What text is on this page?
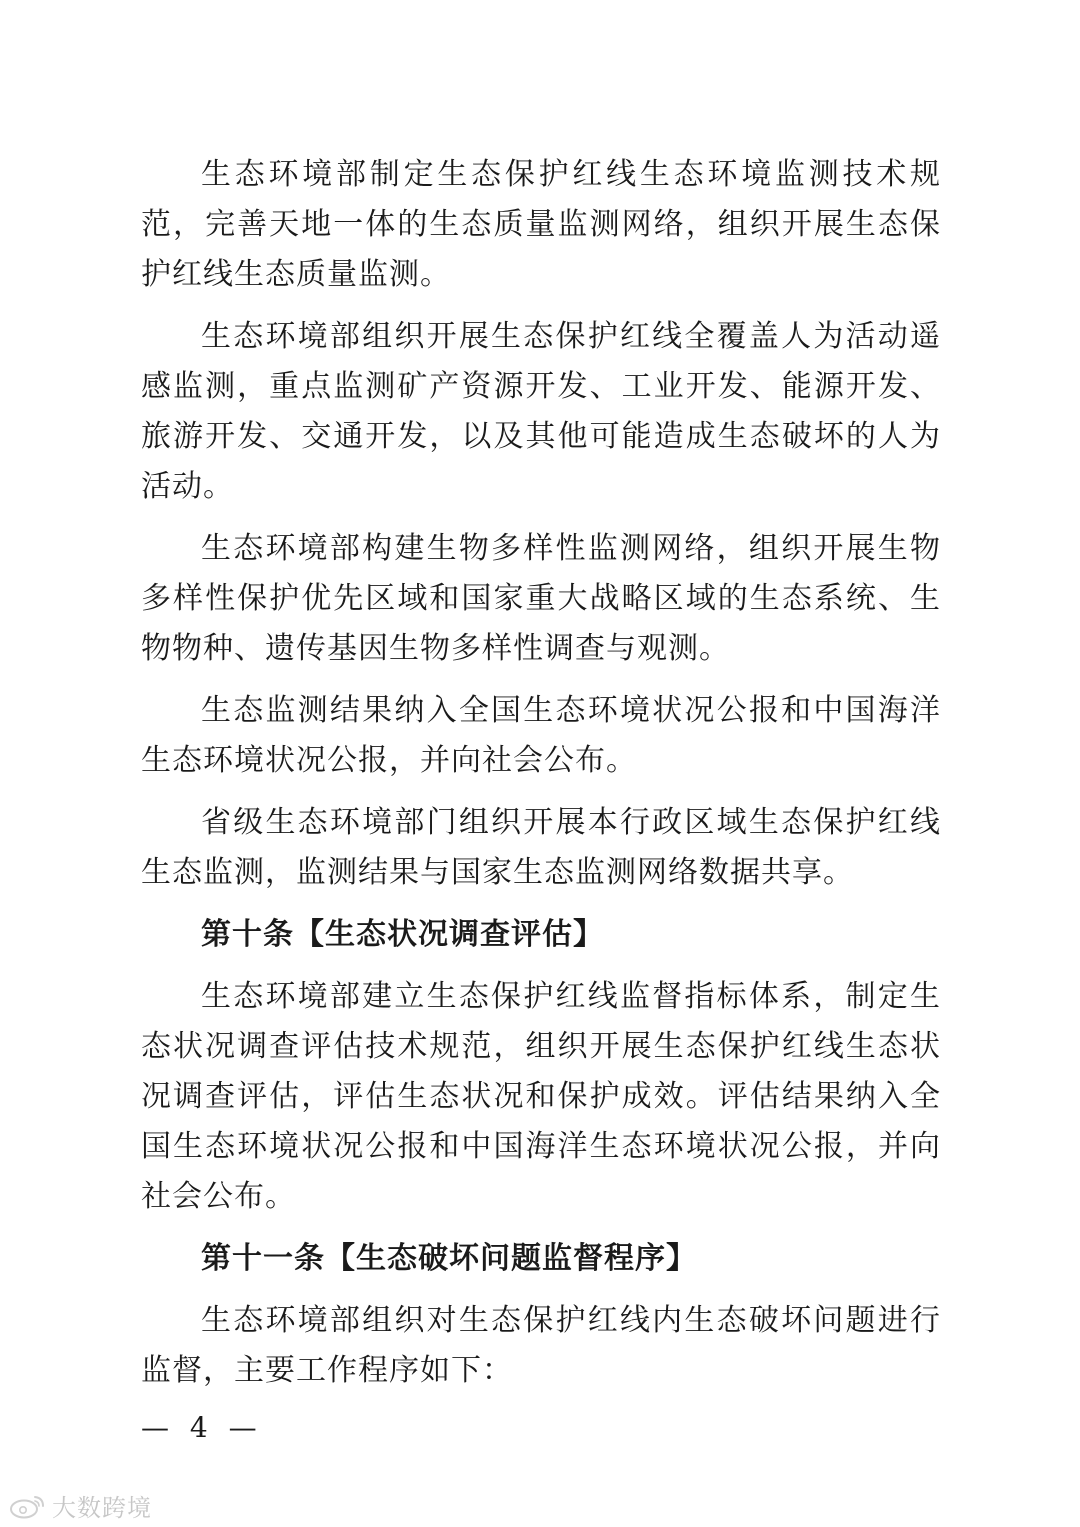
生态环境部制定生态保护红线生态环境监测技术规范，完善天地一体的生态质量监测网络，组织开展生态保护红线生态质量监测。

生态环境部组织开展生态保护红线全覆盖人为活动遥感监测，重点监测矿产资源开发、工业开发、能源开发、旅游开发、交通开发，以及其他可能造成生态破坏的人为活动。

生态环境部构建生物多样性监测网络，组织开展生物多样性保护优先区域和国家重大战略区域的生态系统、生物物种、遗传基因生物多样性调查与观测。

生态监测结果纳入全国生态环境状况公报和中国海洋生态环境状况公报，并向社会公布。

省级生态环境部门组织开展本行政区域生态保护红线生态监测，监测结果与国家生态监测网络数据共享。

第十条【生态状况调查评估】

生态环境部建立生态保护红线监督指标体系，制定生态状况调查评估技术规范，组织开展生态保护红线生态状况调查评估，评估生态状况和保护成效。评估结果纳入全国生态环境状况公报和中国海洋生态环境状况公报，并向社会公布。

第十一条【生态破坏问题监督程序】

生态环境部组织对生态保护红线内生态破坏问题进行监督，主要工作程序如下：

— 4 —
大数跨境
